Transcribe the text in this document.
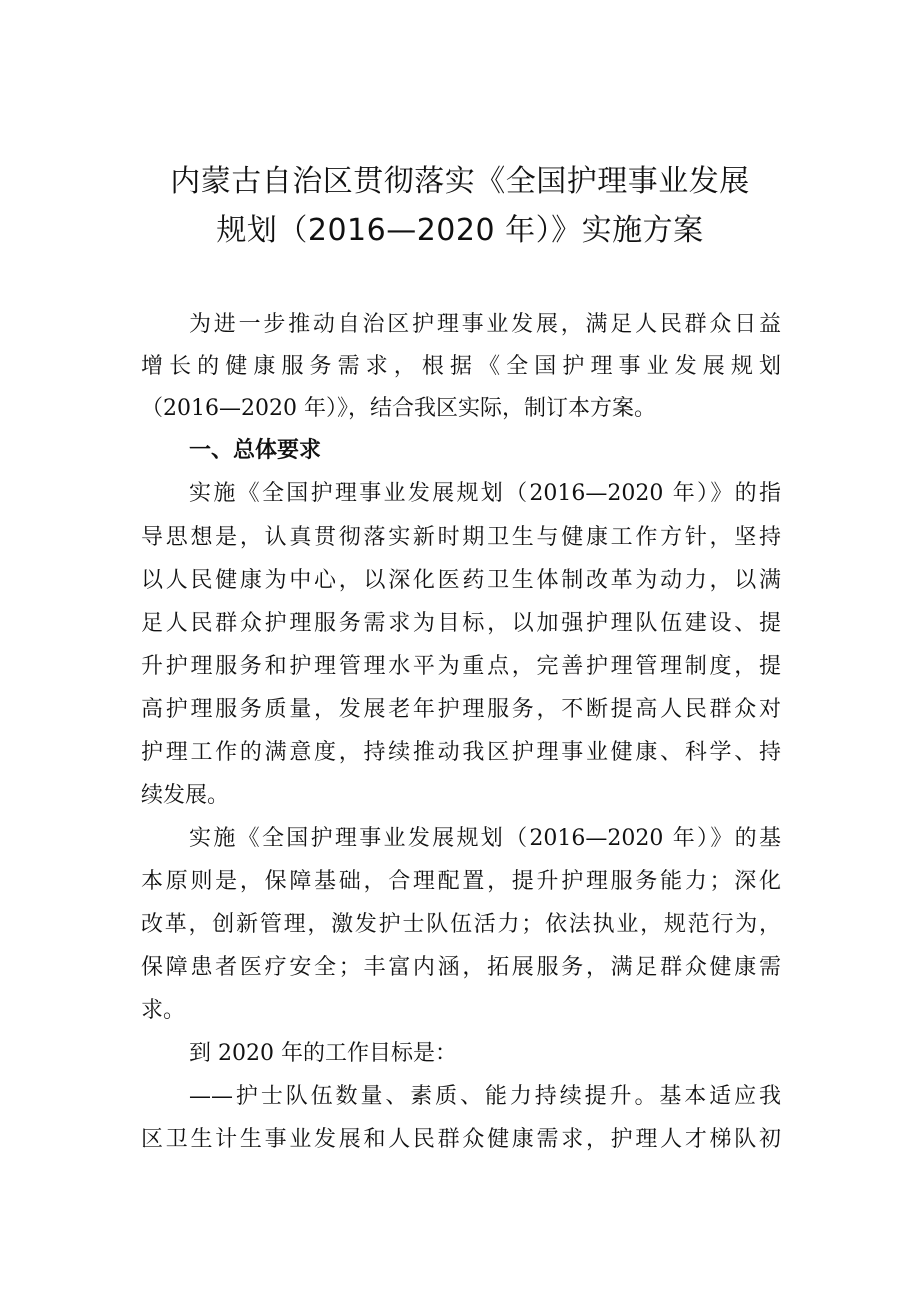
内蒙古自治区贯彻落实《全国护理事业发展
规划（2016—2020 年）》实施方案
为进一步推动自治区护理事业发展，满足人民群众日益
增长的健康服务需求，根据《全国护理事业发展规划
（2016—2020 年）》，结合我区实际，制订本方案。
一、总体要求
实施《全国护理事业发展规划（2016—2020 年）》的指
导思想是，认真贯彻落实新时期卫生与健康工作方针，坚持
以人民健康为中心，以深化医药卫生体制改革为动力，以满
足人民群众护理服务需求为目标，以加强护理队伍建设、提
升护理服务和护理管理水平为重点，完善护理管理制度，提
高护理服务质量，发展老年护理服务，不断提高人民群众对
护理工作的满意度，持续推动我区护理事业健康、科学、持
续发展。
实施《全国护理事业发展规划（2016—2020 年）》的基
本原则是，保障基础，合理配置，提升护理服务能力；深化
改革，创新管理，激发护士队伍活力；依法执业，规范行为，
保障患者医疗安全；丰富内涵，拓展服务，满足群众健康需
求。
到 2020 年的工作目标是：
——护士队伍数量、素质、能力持续提升。基本适应我
区卫生计生事业发展和人民群众健康需求，护理人才梯队初
